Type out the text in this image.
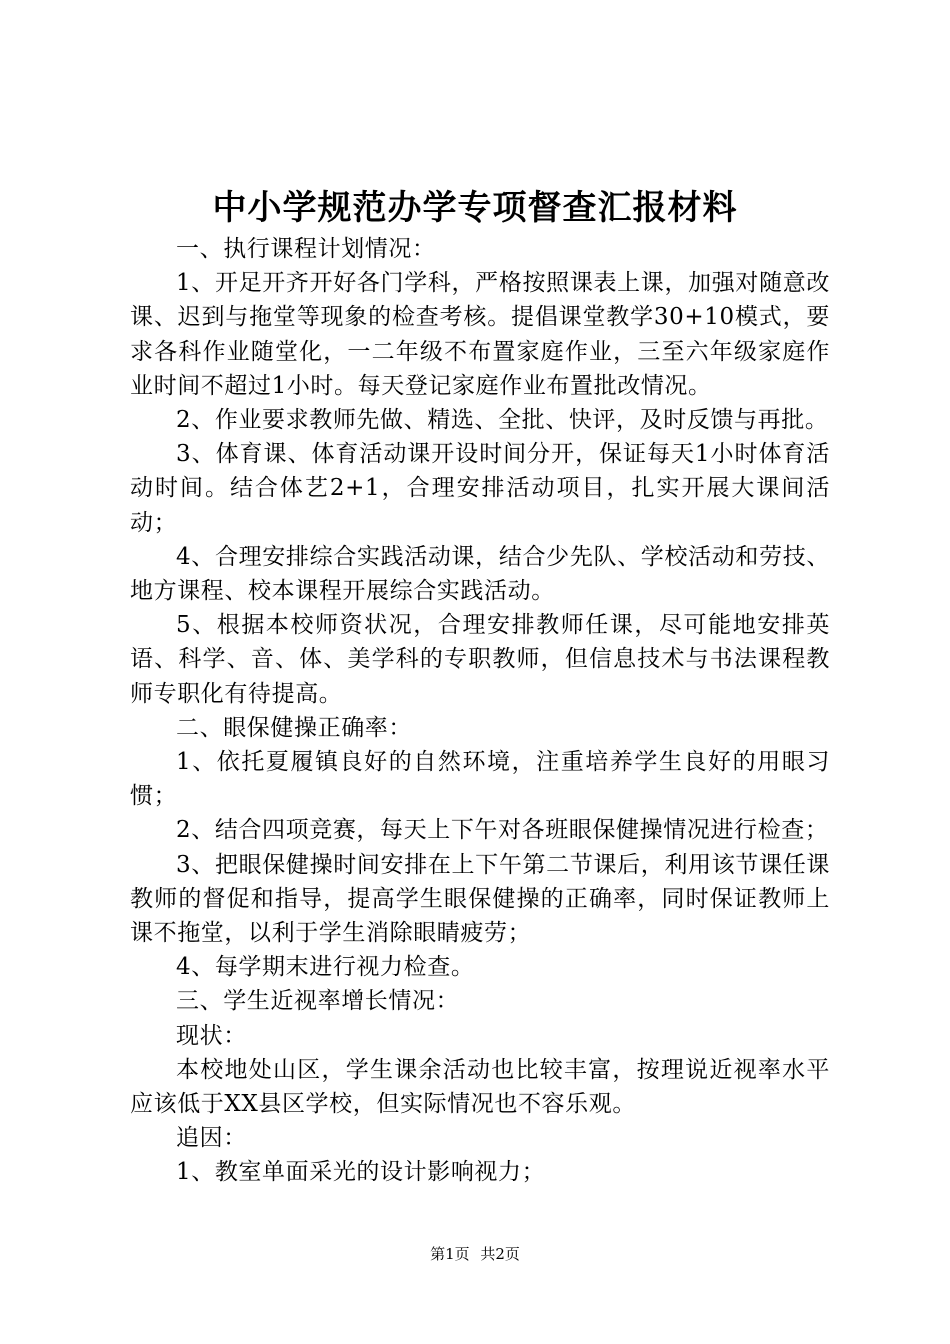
中小学规范办学专项督查汇报材料

一、执行课程计划情况：

1、开足开齐开好各门学科，严格按照课表上课，加强对随意改课、迟到与拖堂等现象的检查考核。提倡课堂教学30+10模式，要求各科作业随堂化，一二年级不布置家庭作业，三至六年级家庭作业时间不超过1小时。每天登记家庭作业布置批改情况。

2、作业要求教师先做、精选、全批、快评，及时反馈与再批。

3、体育课、体育活动课开设时间分开，保证每天1小时体育活动时间。结合体艺2+1，合理安排活动项目，扎实开展大课间活动；

4、合理安排综合实践活动课，结合少先队、学校活动和劳技、地方课程、校本课程开展综合实践活动。

5、根据本校师资状况，合理安排教师任课，尽可能地安排英语、科学、音、体、美学科的专职教师，但信息技术与书法课程教师专职化有待提高。

二、眼保健操正确率：

1、依托夏履镇良好的自然环境，注重培养学生良好的用眼习惯；

2、结合四项竞赛，每天上下午对各班眼保健操情况进行检查；

3、把眼保健操时间安排在上下午第二节课后，利用该节课任课教师的督促和指导，提高学生眼保健操的正确率，同时保证教师上课不拖堂，以利于学生消除眼睛疲劳；

4、每学期末进行视力检查。

三、学生近视率增长情况：

现状：

本校地处山区，学生课余活动也比较丰富，按理说近视率水平应该低于XX县区学校，但实际情况也不容乐观。

追因：

1、教室单面采光的设计影响视力；

第1页 共2页
